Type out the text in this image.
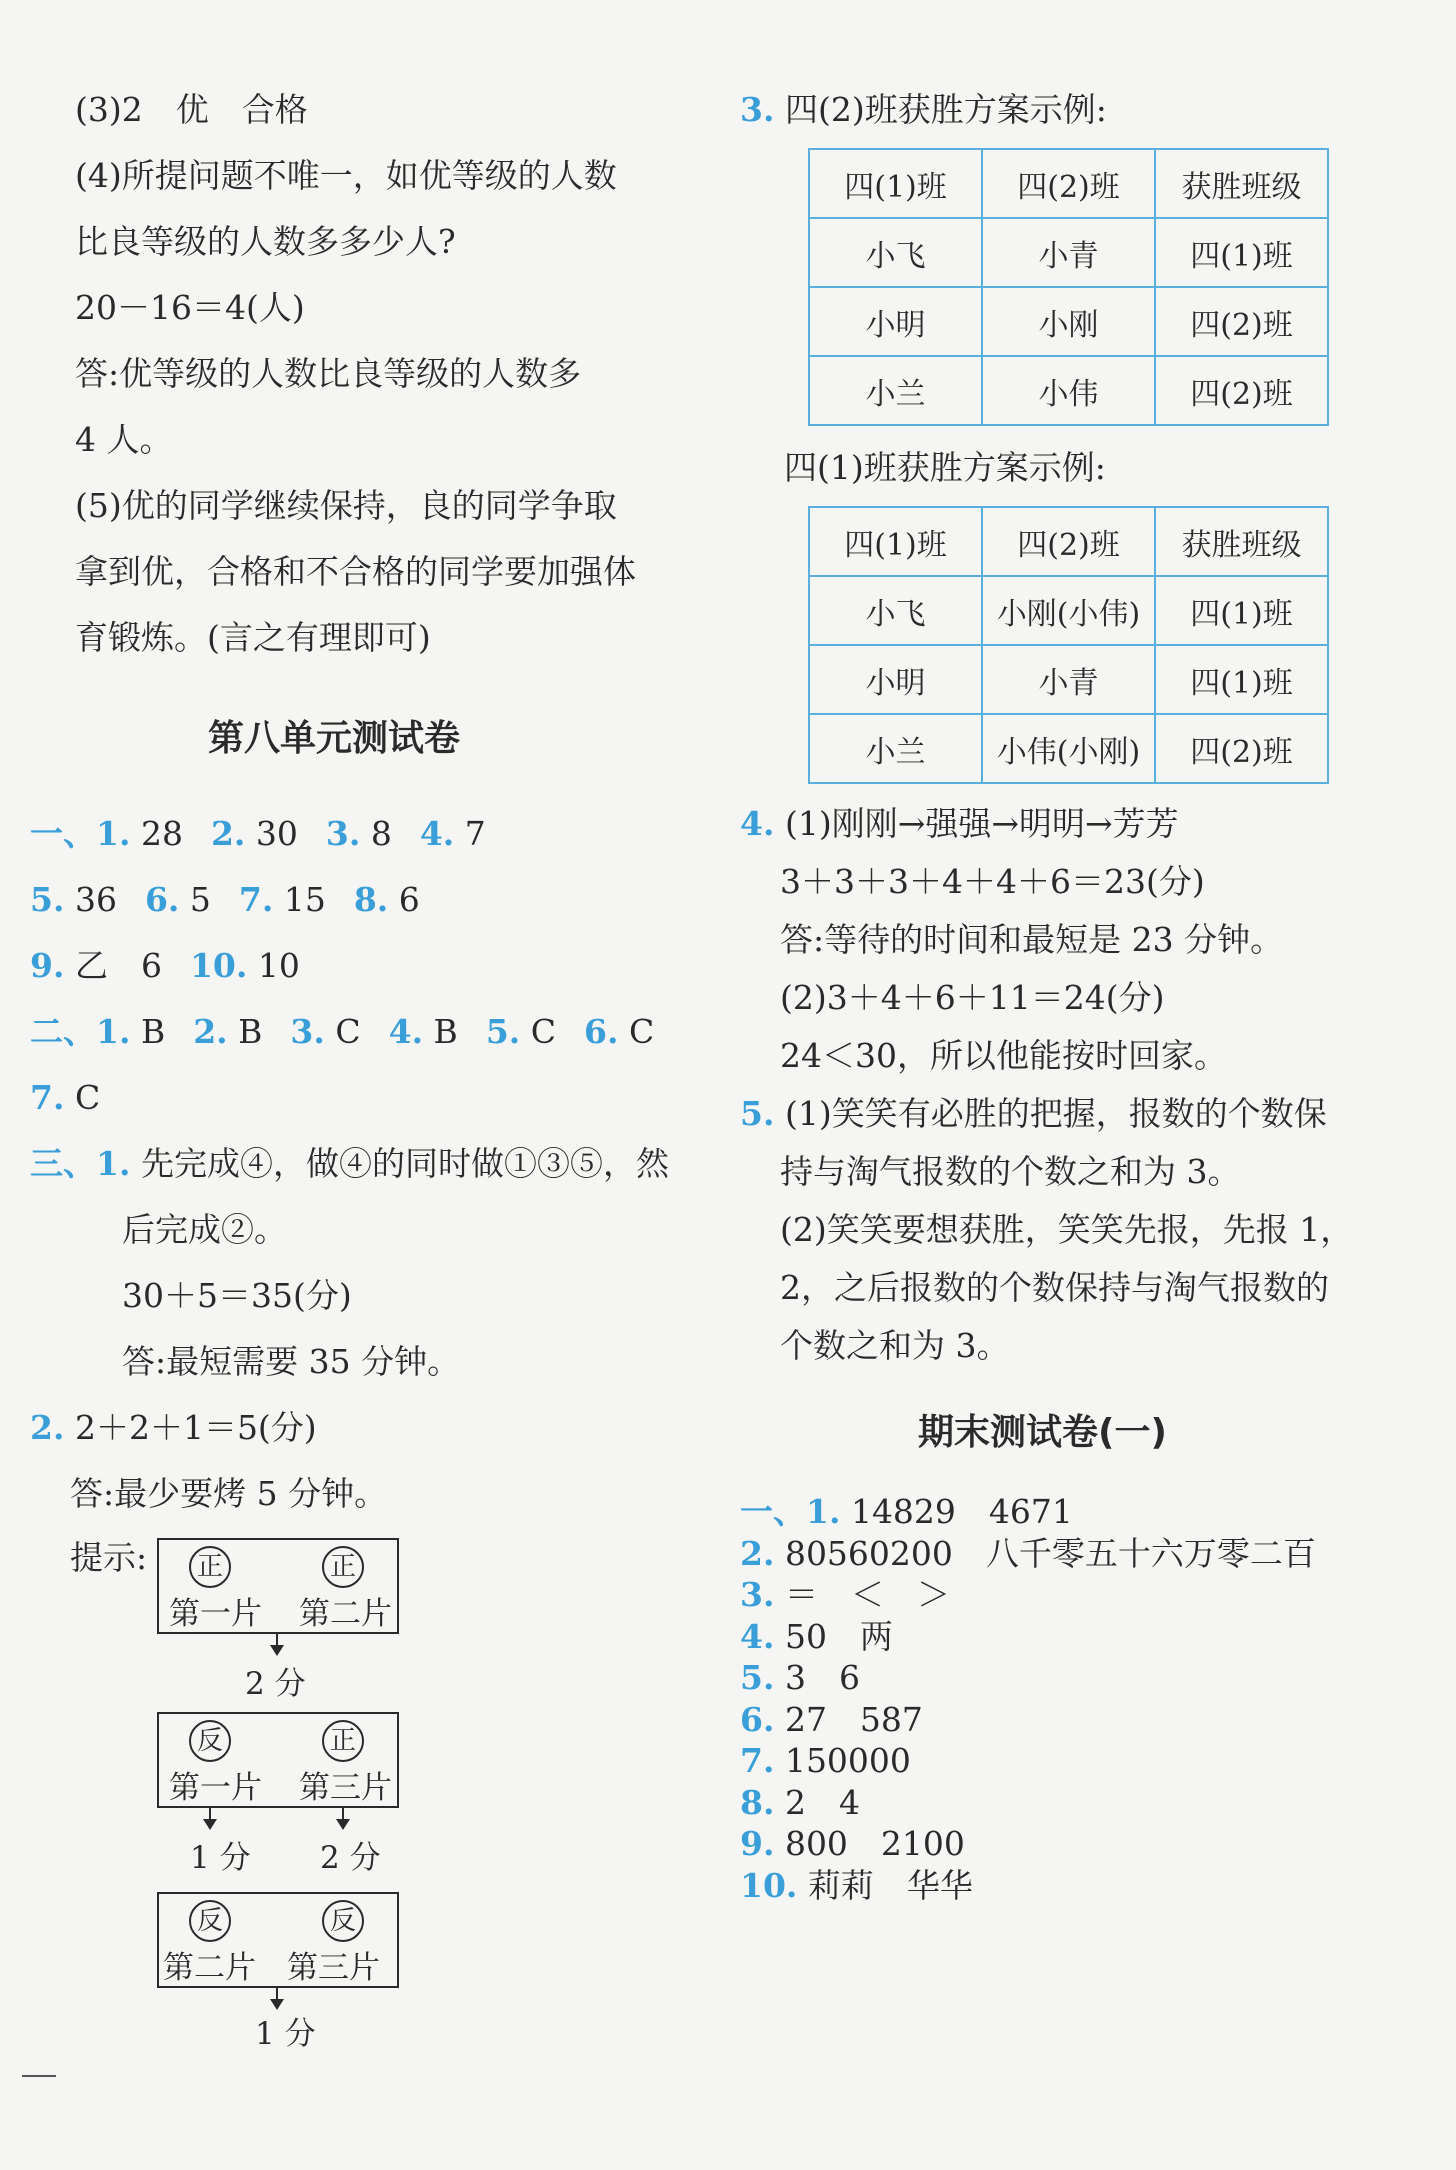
(3)2　优　合格
(4)所提问题不唯一，如优等级的人数
比良等级的人数多多少人?
20－16＝4(人)
答:优等级的人数比良等级的人数多
4 人。
(5)优的同学继续保持，良的同学争取
拿到优，合格和不合格的同学要加强体
育锻炼。(言之有理即可)
第八单元测试卷
一、1. 28 2. 30 3. 8 4. 7
5. 36 6. 5 7. 15 8. 6
9. 乙　6 10. 10
二、1. B 2. B 3. C 4. B 5. C 6. C
7. C
三、1. 先完成④，做④的同时做①③⑤，然
后完成②。
30＋5＝35(分)
答:最短需要 35 分钟。
2. 2＋2＋1＝5(分)
答:最少要烤 5 分钟。
提示:	正	正
第一片 第二片
2 分
反	正
第一片 第三片
1 分 2 分
反	反
第二片 第三片
1 分
3. 四(2)班获胜方案示例:
四(1)班	四(2)班	获胜班级
小飞	小青	四(1)班
小明	小刚	四(2)班
小兰	小伟	四(2)班
四(1)班获胜方案示例:
四(1)班	四(2)班	获胜班级
小飞	小刚(小伟)	四(1)班
小明	小青	四(1)班
小兰	小伟(小刚)	四(2)班
4. (1)刚刚→强强→明明→芳芳
3＋3＋3＋4＋4＋6＝23(分)
答:等待的时间和最短是 23 分钟。
(2)3＋4＋6＋11＝24(分)
24＜30，所以他能按时回家。
5. (1)笑笑有必胜的把握，报数的个数保
持与淘气报数的个数之和为 3。
(2)笑笑要想获胜，笑笑先报，先报 1，
2，之后报数的个数保持与淘气报数的
个数之和为 3。
期末测试卷(一)
一、1. 14829　4671
2. 80560200　八千零五十六万零二百
3. ＝　＜　＞
4. 50　两
5. 3　6
6. 27　587
7. 150000
8. 2　4
9. 800　2100
10. 莉莉　华华
